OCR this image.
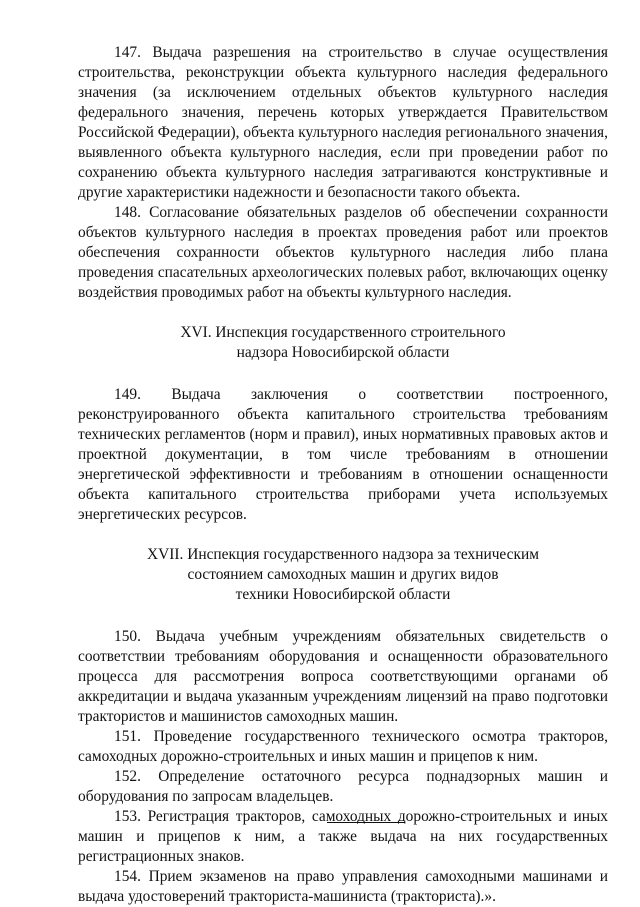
147. Выдача разрешения на строительство в случае осуществления строительства, реконструкции объекта культурного наследия федерального значения (за исключением отдельных объектов культурного наследия федерального значения, перечень которых утверждается Правительством Российской Федерации), объекта культурного наследия регионального значения, выявленного объекта культурного наследия, если при проведении работ по сохранению объекта культурного наследия затрагиваются конструктивные и другие характеристики надежности и безопасности такого объекта.

148. Согласование обязательных разделов об обеспечении сохранности объектов культурного наследия в проектах проведения работ или проектов обеспечения сохранности объектов культурного наследия либо плана проведения спасательных археологических полевых работ, включающих оценку воздействия проводимых работ на объекты культурного наследия.

XVI. Инспекция государственного строительного
надзора Новосибирской области

149. Выдача заключения о соответствии построенного, реконструированного объекта капитального строительства требованиям технических регламентов (норм и правил), иных нормативных правовых актов и проектной документации, в том числе требованиям в отношении энергетической эффективности и требованиям в отношении оснащенности объекта капитального строительства приборами учета используемых энергетических ресурсов.

XVII. Инспекция государственного надзора за техническим
состоянием самоходных машин и других видов
техники Новосибирской области

150. Выдача учебным учреждениям обязательных свидетельств о соответствии требованиям оборудования и оснащенности образовательного процесса для рассмотрения вопроса соответствующими органами об аккредитации и выдача указанным учреждениям лицензий на право подготовки трактористов и машинистов самоходных машин.

151. Проведение государственного технического осмотра тракторов, самоходных дорожно-строительных и иных машин и прицепов к ним.

152. Определение остаточного ресурса поднадзорных машин и оборудования по запросам владельцев.

153. Регистрация тракторов, самоходных дорожно-строительных и иных машин и прицепов к ним, а также выдача на них государственных регистрационных знаков.

154. Прием экзаменов на право управления самоходными машинами и выдача удостоверений тракториста-машиниста (тракториста).».
